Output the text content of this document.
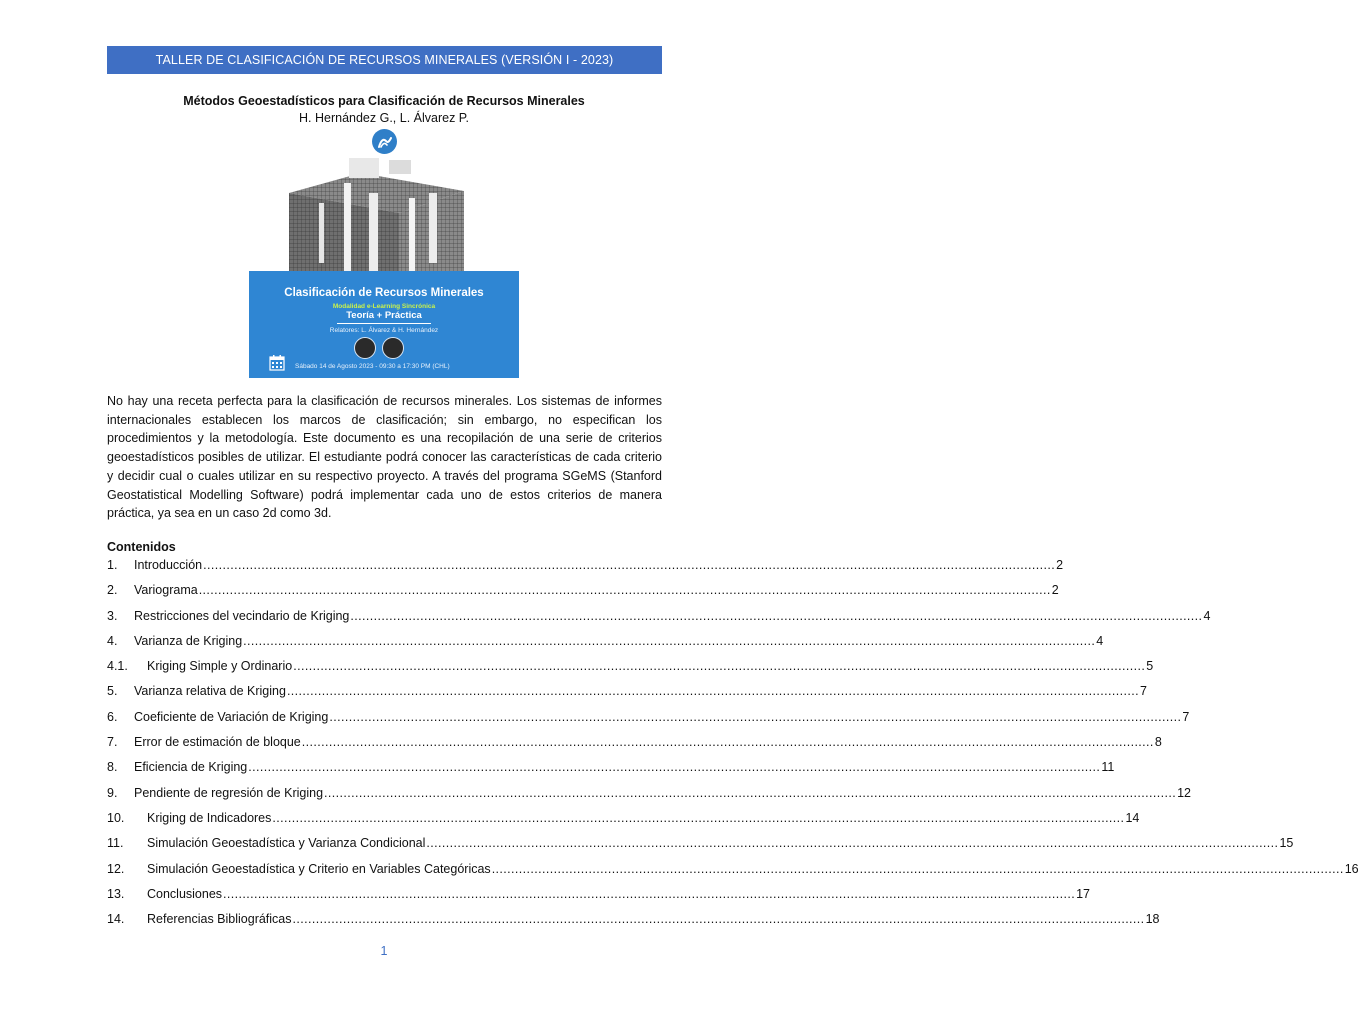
TALLER DE CLASIFICACIÓN DE RECURSOS MINERALES (VERSIÓN I - 2023)
Métodos Geoestadísticos para Clasificación de Recursos Minerales
H. Hernández G., L. Álvarez P.
Clasificación de Recursos Minerales
Modalidad e-Learning Sincrónica
Teoría + Práctica
Relatores: L. Álvarez & H. Hernández
Sábado 14 de Agosto 2023 - 09:30 a 17:30 PM (CHL)

No hay una receta perfecta para la clasificación de recursos minerales. Los sistemas de informes internacionales establecen los marcos de clasificación; sin embargo, no especifican los procedimientos y la metodología. Este documento es una recopilación de una serie de criterios geoestadísticos posibles de utilizar. El estudiante podrá conocer las características de cada criterio y decidir cual o cuales utilizar en su respectivo proyecto. A través del programa SGeMS (Stanford Geostatistical Modelling Software) podrá implementar cada uno de estos criterios de manera práctica, ya sea en un caso 2d como 3d.

Contenidos
1.	Introducción ............................................................................................................................................................................................................................ 2
2.	Variograma ............................................................................................................................................................................................................................ 2
3.	Restricciones del vecindario de Kriging ............................................................................................................................................................................................................................ 4
4.	Varianza de Kriging ............................................................................................................................................................................................................................ 4
4.1.	Kriging Simple y Ordinario ............................................................................................................................................................................................................................ 5
5.	Varianza relativa de Kriging ............................................................................................................................................................................................................................ 7
6.	Coeficiente de Variación de Kriging ............................................................................................................................................................................................................................ 7
7.	Error de estimación de bloque ............................................................................................................................................................................................................................ 8
8.	Eficiencia de Kriging ............................................................................................................................................................................................................................ 11
9.	Pendiente de regresión de Kriging ............................................................................................................................................................................................................................ 12
10.	Kriging de Indicadores ............................................................................................................................................................................................................................ 14
11.	Simulación Geoestadística y Varianza Condicional ............................................................................................................................................................................................................................ 15
12.	Simulación Geoestadística y Criterio en Variables Categóricas ............................................................................................................................................................................................................................ 16
13.	Conclusiones ............................................................................................................................................................................................................................ 17
14.	Referencias Bibliográficas ............................................................................................................................................................................................................................ 18
1
